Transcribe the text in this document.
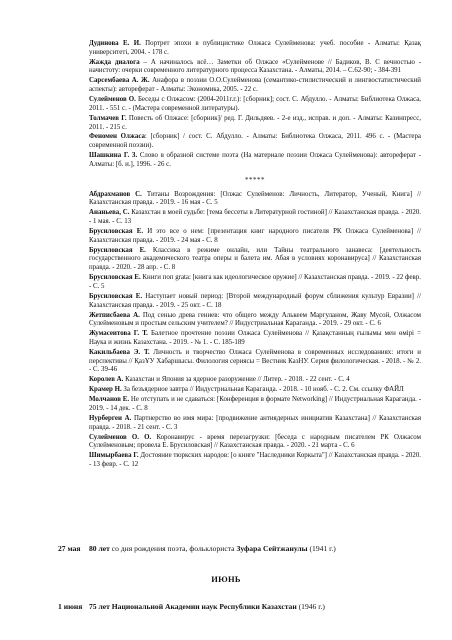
Дудинова Е. И. Портрет эпохи в публицистике Олжаса Сулейменова: учеб. пособие - Алматы: Қазақ университеті, 2004. - 178 с.
Жажда диалога – А начиналось всё… Заметки об Олжасе «Сулейменове // Бадиков, В. С вечностью - начистоту: очерки современного литературного процесса Казахстана. - Алматы, 2014. – С.62-90; - 384-391
Сарсембаева А. Ж. Анафора в поэзии О.О.Сулейменова (семантико-стилистический и лингвостатистический аспекты): автореферат - Алматы: Экономика, 2005. - 22 с.
Сулейменов О. Беседы с Олжасом: (2004-2011г.г.): [сборник]; сост. С. Абдулло. - Алматы: Библиотека Олжаса, 2011. - 551 с. - (Мастера современной литературы).
Толмачев Г. Повесть об Олжасе: [сборник]/ ред. Г. Дильдяев. - 2-е изд., исправ. и доп. - Алматы: Казинпресс, 2011. - 215 с.
Феномен Олжаса: [сборник] / сост. С. Абдулло. - Алматы: Библиотека Олжаса, 2011. 496 с. - (Мастера современной поэзии).
Шашкина Г. З. Слово в образной системе поэта (На материале поэзии Олжаса Сулейменова): автореферат - Алматы: [б. и.], 1996. - 26 с.
*****
Абдрахманов С. Титаны Возрождения: [Олжас Сулейменов: Личность, Литератор, Ученый, Книга] // Казахстанская правда. - 2019. - 16 мая - С. 5
Ананьева, С. Казахстан в моей судьбе: [тема бессеты в Литературной гостиной] // Казахстанская правда. - 2020. - 1 мая. - С. 13
Брусиловская Е. И это все о нем: [презентация книг народного писателя РК Олжаса Сулейменова] // Казахстанская правда. - 2019. - 24 мая - С. 8
Брусиловская Е. Классика в режиме онлайн, или Тайны театрального занавеса: [деятельность государственного академического театра оперы и балета им. Абая в условиях коронавируса] // Казахстанская правда. - 2020. - 28 апр. - С. 8
Брусиловская Е. Книги поп grata: [книга как идеологическое оружие] // Казахстанская правда. - 2019. - 22 февр. - С. 5
Брусиловская Е. Наступает новый период: [Второй международный форум сближения культур Евразии] // Казахстанская правда. - 2019. - 25 окт. - С. 18
Жетписбаева А. Под сенью древа гениев: что общего между Алькеем Маргуланом, Жаву Мусой, Олжасом Сулейменовым и простым сельским учителем? // Индустриальная Караганда. - 2019. - 29 окт. - С. 6
Жумасеитова Г. Т. Балетное прочтение поэзии Олжаса Сулейменова // Қазақстанның ғылымы мен өмірі = Наука и жизнь Казахстана. - 2019. - № 1. - С. 185-189
Какильбаева Э. Т. Личность и творчество Олжаса Сулейменова в современных исследованиях: итоги и перспективы // ҚазҰУ Хабаршысы. Филология сериясы = Вестник КазНУ. Серия филологическая. - 2018. - № 2. - С. 39-46
Королев А. Казахстан и Япония за ядерное разоружение // Литер. - 2018. - 22 сент. - С. 4
Крамер Н. За безъядерное завтра // Индустриальная Караганда. - 2018. - 10 нояб. - С. 2. См. ссылку ФАЙЛ
Молчанов Е. Не отступать и не сдаваться: [Конференция в формате Networking] // Индустриальная Караганда. - 2019. - 14 дек. - С. 8
Нурбергеи А. Партнерство во имя мира: [продвижение антиядерных инициатив Казахстана] // Казахстанская правда. - 2018. - 21 сент. - С. 3
Сулейменов О. О. Коронавирус - время перезагрузки: [беседа с народным писателем РК Олжасом Сулейменовым; провела Е. Брусиловская] // Казахстанская правда. - 2020. - 21 марта - С. 6
Шимырбаева Г. Достояние тюркских народов: [о книге "Наследники Коркыта"] // Казахстанская правда. - 2020. - 13 февр. - С. 12
27 мая 80 лет со дня рождения поэта, фольклориста Зуфара Сейтжанулы (1941 г.)
ИЮНЬ
1 июня 75 лет Национальной Академии наук Республики Казахстан (1946 г.)
